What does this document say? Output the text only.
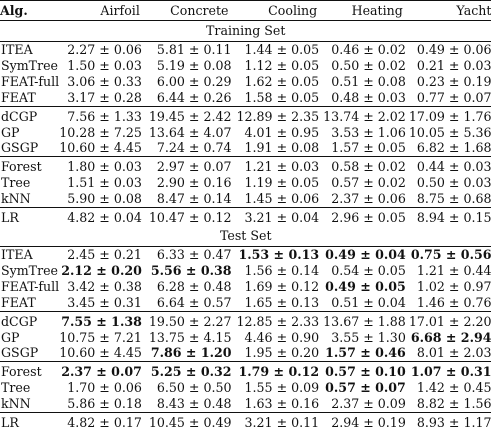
Alg.	Airfoil	Concrete	Cooling	Heating	Yacht
Training Set					
ITEA	2.27 ± 0.06	5.81 ± 0.11	1.44 ± 0.05	0.46 ± 0.02	0.49 ± 0.06
SymTree	1.50 ± 0.03	5.19 ± 0.08	1.12 ± 0.05	0.50 ± 0.02	0.21 ± 0.03
FEAT-full	3.06 ± 0.33	6.00 ± 0.29	1.62 ± 0.05	0.51 ± 0.08	0.23 ± 0.19
FEAT	3.17 ± 0.28	6.44 ± 0.26	1.58 ± 0.05	0.48 ± 0.03	0.77 ± 0.07
dCGP	7.56 ± 1.33	19.45 ± 2.42	12.89 ± 2.35	13.74 ± 2.02	17.09 ± 1.76
GP	10.28 ± 7.25	13.64 ± 4.07	4.01 ± 0.95	3.53 ± 1.06	10.05 ± 5.36
GSGP	10.60 ± 4.45	7.24 ± 0.74	1.91 ± 0.08	1.57 ± 0.05	6.82 ± 1.68
Forest	1.80 ± 0.03	2.97 ± 0.07	1.21 ± 0.03	0.58 ± 0.02	0.44 ± 0.03
Tree	1.51 ± 0.03	2.90 ± 0.16	1.19 ± 0.05	0.57 ± 0.02	0.50 ± 0.03
kNN	5.90 ± 0.08	8.47 ± 0.14	1.45 ± 0.06	2.37 ± 0.06	8.75 ± 0.68
LR	4.82 ± 0.04	10.47 ± 0.12	3.21 ± 0.04	2.96 ± 0.05	8.94 ± 0.15
Test Set					
ITEA	2.45 ± 0.21	6.33 ± 0.47	1.53 ± 0.13	0.49 ± 0.04	0.75 ± 0.56
SymTree	2.12 ± 0.20	5.56 ± 0.38	1.56 ± 0.14	0.54 ± 0.05	1.21 ± 0.44
FEAT-full	3.42 ± 0.38	6.28 ± 0.48	1.69 ± 0.12	0.49 ± 0.05	1.02 ± 0.97
FEAT	3.45 ± 0.31	6.64 ± 0.57	1.65 ± 0.13	0.51 ± 0.04	1.46 ± 0.76
dCGP	7.55 ± 1.38	19.50 ± 2.27	12.85 ± 2.33	13.67 ± 1.88	17.01 ± 2.20
GP	10.75 ± 7.21	13.75 ± 4.15	4.46 ± 0.90	3.55 ± 1.30	6.68 ± 2.94
GSGP	10.60 ± 4.45	7.86 ± 1.20	1.95 ± 0.20	1.57 ± 0.46	8.01 ± 2.03
Forest	2.37 ± 0.07	5.25 ± 0.32	1.79 ± 0.12	0.57 ± 0.10	1.07 ± 0.31
Tree	1.70 ± 0.06	6.50 ± 0.50	1.55 ± 0.09	0.57 ± 0.07	1.42 ± 0.45
kNN	5.86 ± 0.18	8.43 ± 0.48	1.63 ± 0.16	2.37 ± 0.09	8.82 ± 1.56
LR	4.82 ± 0.17	10.45 ± 0.49	3.21 ± 0.11	2.94 ± 0.19	8.93 ± 1.17
